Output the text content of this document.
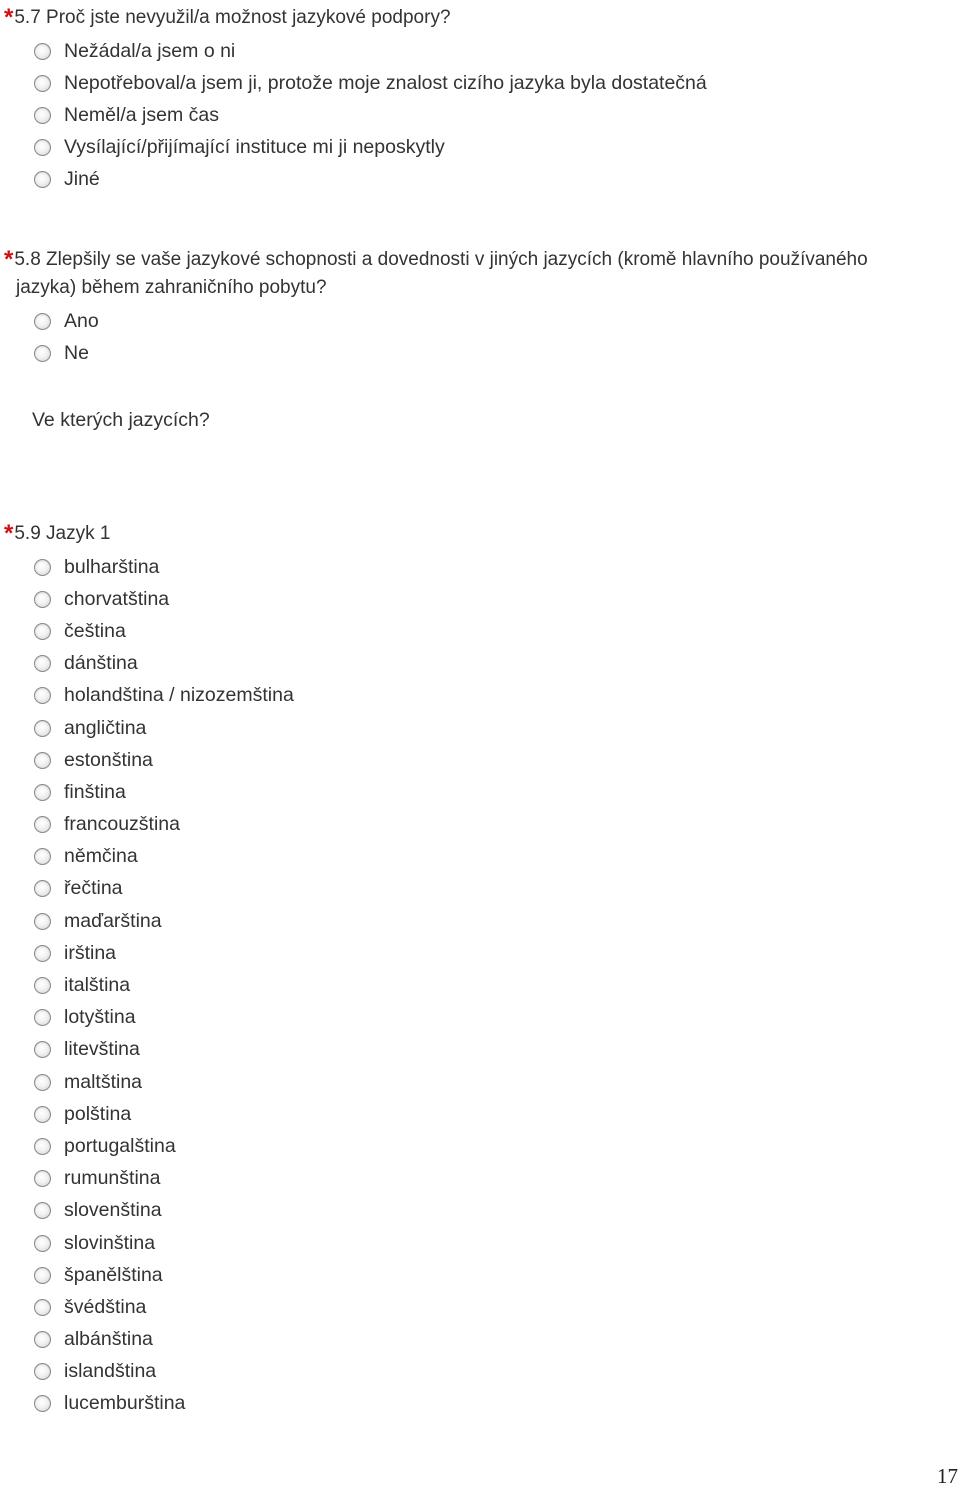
*5.7 Proč jste nevyužil/a možnost jazykové podpory?

Nežádal/a jsem o ni
Nepotřeboval/a jsem ji, protože moje znalost cizího jazyka byla dostatečná
Neměl/a jsem čas
Vysílající/přijímající instituce mi ji neposkytly
Jiné

*5.8 Zlepšily se vaše jazykové schopnosti a dovednosti v jiných jazycích (kromě hlavního používaného jazyka) během zahraničního pobytu?

Ano
Ne
Ve kterých jazycích?

*5.9 Jazyk 1

bulharština
chorvatština
čeština
dánština
holandština / nizozemština
angličtina
estonština
finština
francouzština
němčina
řečtina
maďarština
irština
italština
lotyština
litevština
maltština
polština
portugalština
rumunština
slovenština
slovinština
španělština
švédština
albánština
islandština
lucemburština
17
